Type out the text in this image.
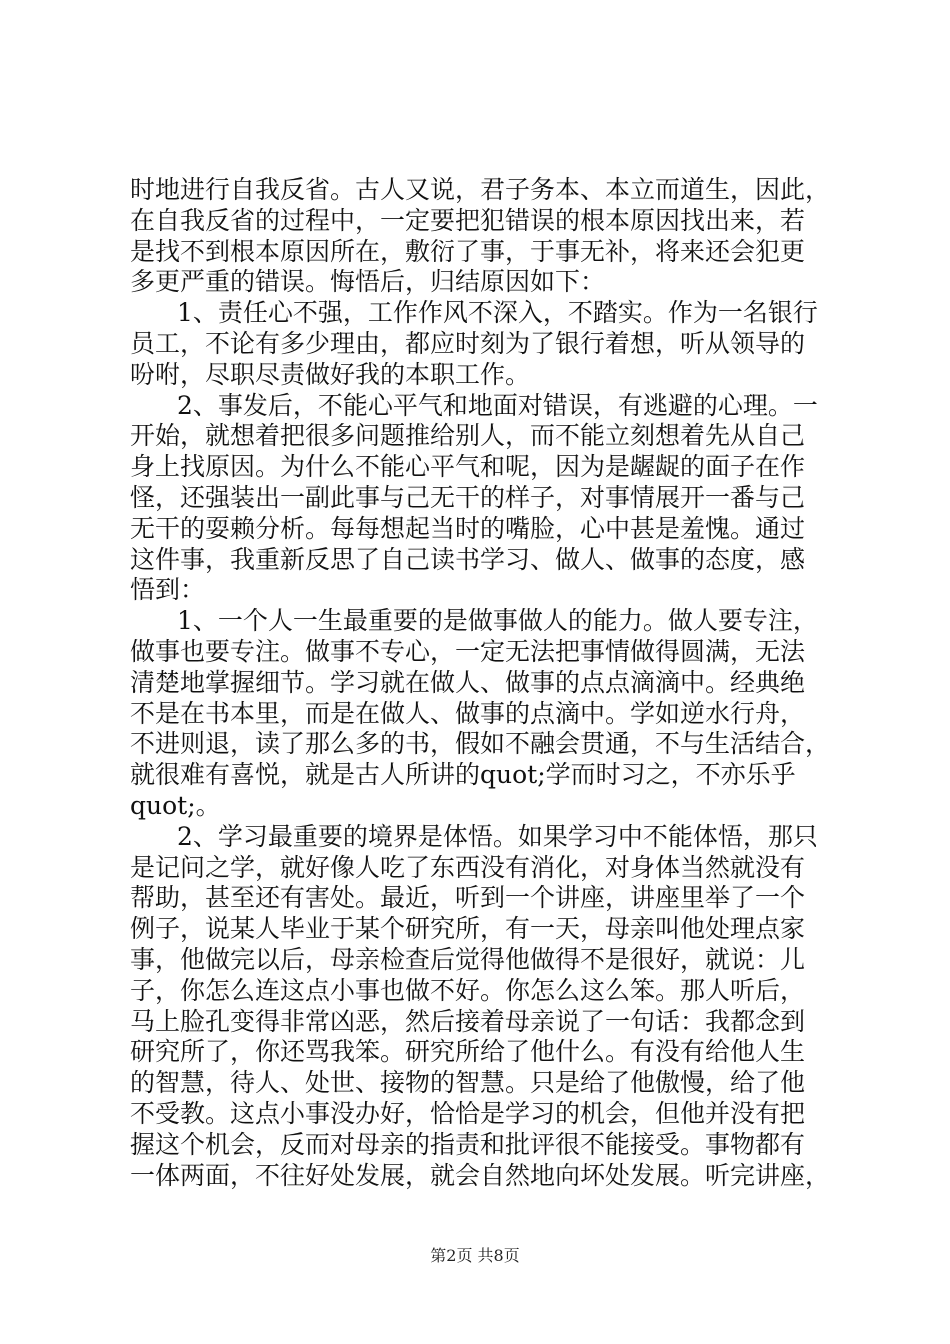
时地进行自我反省。古人又说，君子务本、本立而道生，因此，
在自我反省的过程中，一定要把犯错误的根本原因找出来，若
是找不到根本原因所在，敷衍了事，于事无补，将来还会犯更
多更严重的错误。悔悟后，归结原因如下：
1、责任心不强，工作作风不深入，不踏实。作为一名银行
员工，不论有多少理由，都应时刻为了银行着想，听从领导的
吩咐，尽职尽责做好我的本职工作。
2、事发后，不能心平气和地面对错误，有逃避的心理。一
开始，就想着把很多问题推给别人，而不能立刻想着先从自己
身上找原因。为什么不能心平气和呢，因为是龌龊的面子在作
怪，还强装出一副此事与己无干的样子，对事情展开一番与己
无干的耍赖分析。每每想起当时的嘴脸，心中甚是羞愧。通过
这件事，我重新反思了自己读书学习、做人、做事的态度，感
悟到：
1、一个人一生最重要的是做事做人的能力。做人要专注，
做事也要专注。做事不专心，一定无法把事情做得圆满，无法
清楚地掌握细节。学习就在做人、做事的点点滴滴中。经典绝
不是在书本里，而是在做人、做事的点滴中。学如逆水行舟，
不进则退，读了那么多的书，假如不融会贯通，不与生活结合，
就很难有喜悦，就是古人所讲的quot;学而时习之，不亦乐乎
quot;。
2、学习最重要的境界是体悟。如果学习中不能体悟，那只
是记问之学，就好像人吃了东西没有消化，对身体当然就没有
帮助，甚至还有害处。最近，听到一个讲座，讲座里举了一个
例子，说某人毕业于某个研究所，有一天，母亲叫他处理点家
事，他做完以后，母亲检查后觉得他做得不是很好，就说：儿
子，你怎么连这点小事也做不好。你怎么这么笨。那人听后，
马上脸孔变得非常凶恶，然后接着母亲说了一句话：我都念到
研究所了，你还骂我笨。研究所给了他什么。有没有给他人生
的智慧，待人、处世、接物的智慧。只是给了他傲慢，给了他
不受教。这点小事没办好，恰恰是学习的机会，但他并没有把
握这个机会，反而对母亲的指责和批评很不能接受。事物都有
一体两面，不往好处发展，就会自然地向坏处发展。听完讲座，
第2页 共8页
